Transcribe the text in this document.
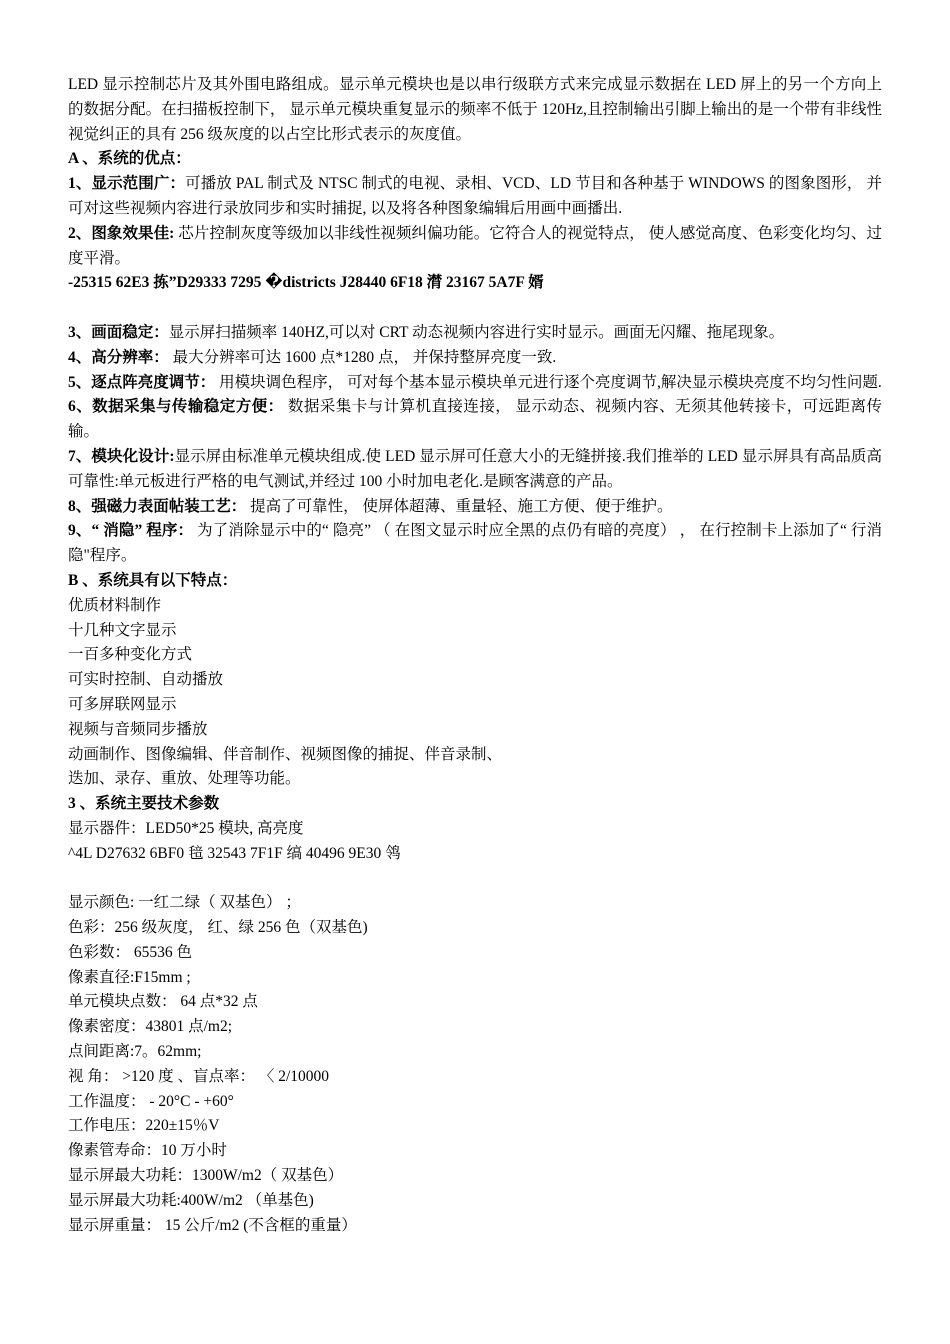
LED 显示控制芯片及其外围电路组成。显示单元模块也是以串行级联方式来完成显示数据在 LED 屏上的另一个方向上的数据分配。在扫描板控制下， 显示单元模块重复显示的频率不低于 120Hz,且控制输出引脚上输出的是一个带有非线性视觉纠正的具有 256 级灰度的以占空比形式表示的灰度值。

A 、系统的优点：

1、显示范围广：可播放 PAL 制式及 NTSC 制式的电视、录相、VCD、LD 节目和各种基于 WINDOWS 的图象图形， 并可对这些视频内容进行录放同步和实时捕捉, 以及将各种图象编辑后用画中画播出.

2、图象效果佳: 芯片控制灰度等级加以非线性视频纠偏功能。它符合人的视觉特点， 使人感觉高度、色彩变化均匀、过度平滑。

-25315 62E3 拣”D29333 7295 �districts J28440 6F18 潸 23167 5A7F 婿

3、画面稳定：显示屏扫描频率 140HZ,可以对 CRT 动态视频内容进行实时显示。画面无闪耀、拖尾现象。

4、高分辨率： 最大分辨率可达 1600 点*1280 点， 并保持整屏亮度一致.

5、逐点阵亮度调节： 用模块调色程序， 可对每个基本显示模块单元进行逐个亮度调节,解决显示模块亮度不均匀性问题.

6、数据采集与传输稳定方便： 数据采集卡与计算机直接连接， 显示动态、视频内容、无须其他转接卡，可远距离传输。

7、模块化设计:显示屏由标准单元模块组成.使 LED 显示屏可任意大小的无缝拼接.我们推举的 LED 显示屏具有高品质高可靠性:单元板进行严格的电气测试,并经过 100 小时加电老化.是顾客满意的产品。

8、强磁力表面帖装工艺： 提高了可靠性， 使屏体超薄、重量轻、施工方便、便于维护。

9、“ 消隐” 程序： 为了消除显示中的“ 隐亮” （ 在图文显示时应全黑的点仍有暗的亮度） ， 在行控制卡上添加了“ 行消隐"程序。

B 、系统具有以下特点：

优质材料制作

十几种文字显示

一百多种变化方式

可实时控制、自动播放

可多屏联网显示

视频与音频同步播放

动画制作、图像编辑、伴音制作、视频图像的捕捉、伴音录制、

迭加、录存、重放、处理等功能。

3 、系统主要技术参数

显示器件：LED50*25 模块, 高亮度

^4L D27632 6BF0 毰 32543 7F1F 缟 40496 9E30 鸰

显示颜色: 一红二绿（ 双基色） ；

色彩：256 级灰度， 红、绿 256 色（双基色)

色彩数： 65536 色

像素直径:F15mm ;

单元模块点数： 64 点*32 点

像素密度：43801 点/m2;

点间距离:7。62mm;

视 角： >120 度 、盲点率： 〈 2/10000

工作温度： - 20°C - +60°

工作电压：220±15％V

像素管寿命：10 万小时

显示屏最大功耗：1300W/m2（ 双基色）

显示屏最大功耗:400W/m2 （单基色)

显示屏重量： 15 公斤/m2 (不含框的重量）
